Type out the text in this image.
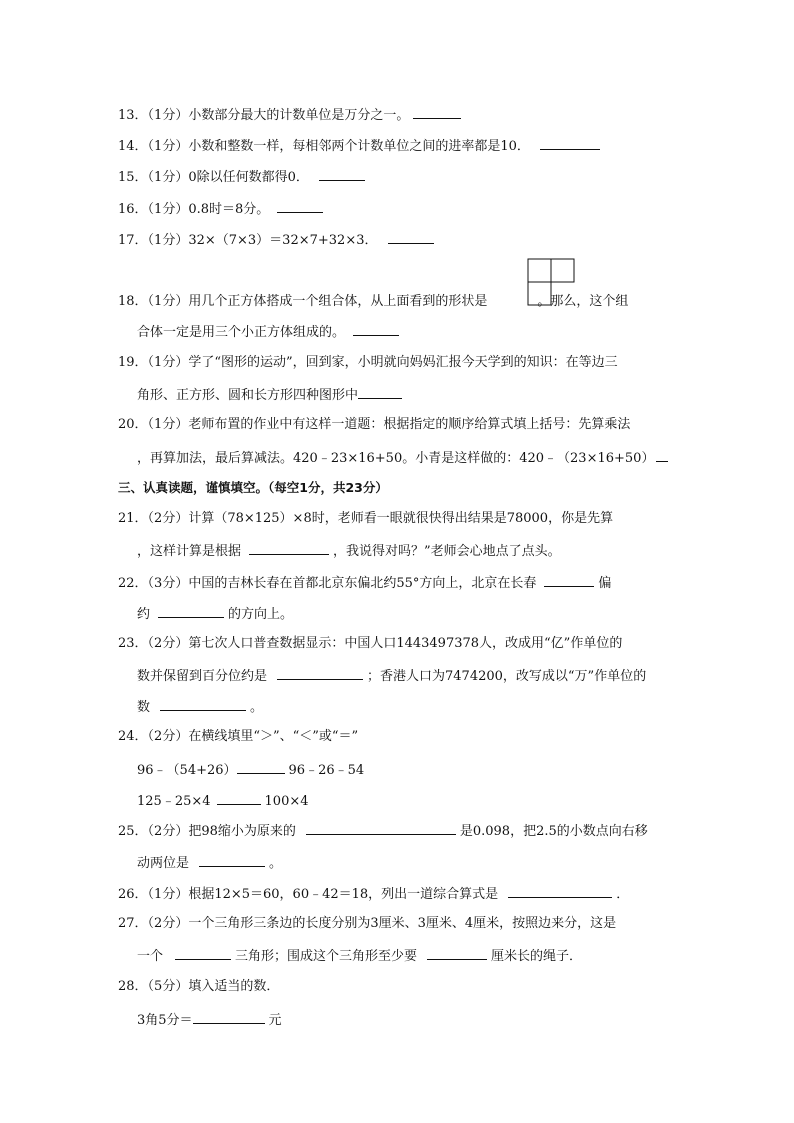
13．（1分）小数部分最大的计数单位是万分之一。
14．（1分）小数和整数一样，每相邻两个计数单位之间的进率都是10．
15．（1分）0除以任何数都得0．
16．（1分）0.8时＝8分。
17．（1分）32×（7×3）＝32×7+32×3．
18．（1分）用几个正方体搭成一个组合体，从上面看到的形状是	。那么，这个组
合体一定是用三个小正方体组成的。
19．（1分）学了“图形的运动”，回到家，小明就向妈妈汇报今天学到的知识：在等边三
角形、正方形、圆和长方形四种图形中
20．（1分）老师布置的作业中有这样一道题：根据指定的顺序给算式填上括号：先算乘法
，再算加法，最后算减法。420﹣23×16+50。小青是这样做的：420﹣（23×16+50）
三、认真读题，谨慎填空。（每空1分，共23分）
21．（2分）计算（78×125）×8时，老师看一眼就很快得出结果是78000，你是先算
，这样计算是根据	，我说得对吗？”老师会心地点了点头。
22．（3分）中国的吉林长春在首都北京东偏北约55°方向上，北京在长春	偏
约	的方向上。
23．（2分）第七次人口普查数据显示：中国人口1443497378人，改成用“亿”作单位的
数并保留到百分位约是	；香港人口为7474200，改写成以“万”作单位的
数	。
24．（2分）在横线填里“＞”、“＜”或“＝”
96﹣（54+26）	96﹣26﹣54
125﹣25×4	100×4
25．（2分）把98缩小为原来的	是0.098，把2.5的小数点向右移
动两位是	。
26．（1分）根据12×5＝60，60﹣42＝18，列出一道综合算式是	．
27．（2分）一个三角形三条边的长度分别为3厘米、3厘米、4厘米，按照边来分，这是
一个	三角形；围成这个三角形至少要	厘米长的绳子．
28．（5分）填入适当的数．
3角5分＝	元
